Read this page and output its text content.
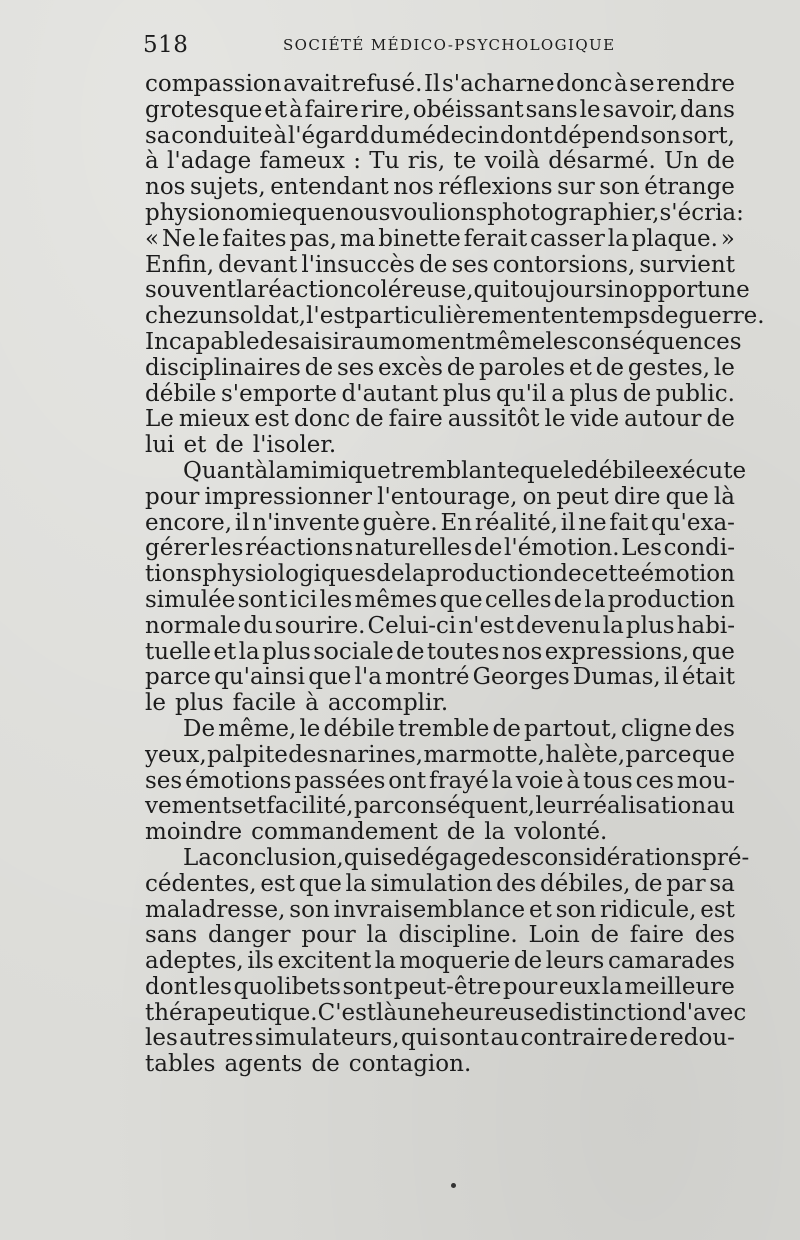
518	SOCIÉTÉ MÉDICO-PSYCHOLOGIQUE
compassion avait refusé. Il s'acharne donc à se rendre
grotesque et à faire rire, obéissant sans le savoir, dans
sa conduite à l'égard du médecin dont dépend son sort,
à l'adage fameux : Tu ris, te voilà désarmé. Un de
nos sujets, entendant nos réflexions sur son étrange
physionomie que nous voulions photographier, s'écria :
« Ne le faites pas, ma binette ferait casser la plaque. »
Enfin, devant l'insuccès de ses contorsions, survient
souvent la réaction coléreuse, qui toujours inopportune
chez un soldat, l'est particulièrement en temps de guerre.
Incapable de saisir au moment même les conséquences
disciplinaires de ses excès de paroles et de gestes, le
débile s'emporte d'autant plus qu'il a plus de public.
Le mieux est donc de faire aussitôt le vide autour de
lui et de l'isoler.
Quant à la mimique tremblante que le débile exécute
pour impressionner l'entourage, on peut dire que là
encore, il n'invente guère. En réalité, il ne fait qu'exa-
gérer les réactions naturelles de l'émotion. Les condi-
tions physiologiques de la production de cette émotion
simulée sont ici les mêmes que celles de la production
normale du sourire. Celui-ci n'est devenu la plus habi-
tuelle et la plus sociale de toutes nos expressions, que
parce qu'ainsi que l'a montré Georges Dumas, il était
le plus facile à accomplir.
De même, le débile tremble de partout, cligne des
yeux, palpite des narines, marmotte, halète, parce que
ses émotions passées ont frayé la voie à tous ces mou-
vements et facilité, par conséquent, leur réalisation au
moindre commandement de la volonté.
La conclusion, qui se dégage des considérations pré-
cédentes, est que la simulation des débiles, de par sa
maladresse, son invraisemblance et son ridicule, est
sans danger pour la discipline. Loin de faire des
adeptes, ils excitent la moquerie de leurs camarades
dont les quolibets sont peut-être pour eux la meilleure
thérapeutique. C'est là une heureuse distinction d'avec
les autres simulateurs, qui sont au contraire de redou-
tables agents de contagion.
